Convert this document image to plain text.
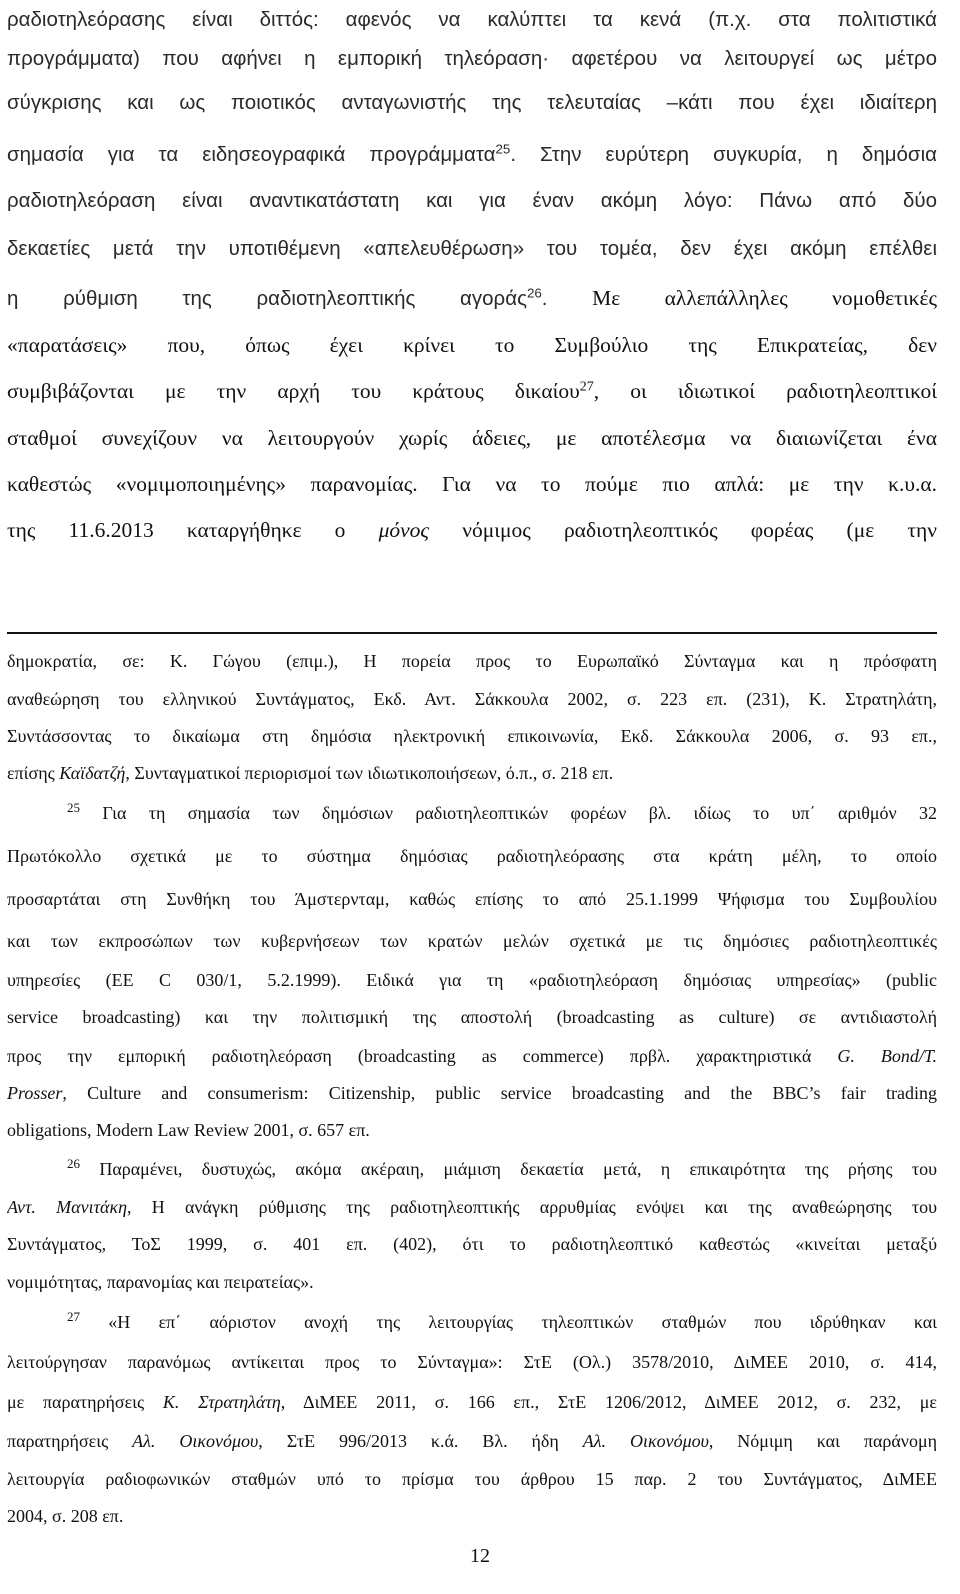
ραδιοτηλεόρασης είναι διττός: αφενός να καλύπτει τα κενά (π.χ. στα πολιτιστικά
προγράμματα) που αφήνει η εμπορική τηλεόραση· αφετέρου να λειτουργεί ως μέτρο
σύγκρισης και ως ποιοτικός ανταγωνιστής της τελευταίας –κάτι που έχει ιδιαίτερη
σημασία για τα ειδησεογραφικά προγράμματα$^{25}$. Στην ευρύτερη συγκυρία, η δημόσια
ραδιοτηλεόραση είναι αναντικατάστατη και για έναν ακόμη λόγο: Πάνω από δύο
δεκαετίες μετά την υποτιθέμενη «απελευθέρωση» του τομέα, δεν έχει ακόμη επέλθει
η ρύθμιση της ραδιοτηλεοπτικής αγοράς$^{26}$. Με αλλεπάλληλες νομοθετικές
«παρατάσεις» που, όπως έχει κρίνει το Συμβούλιο της Επικρατείας, δεν
συμβιβάζονται με την αρχή του κράτους δικαίου$^{27}$, οι ιδιωτικοί ραδιοτηλεοπτικοί
σταθμοί συνεχίζουν να λειτουργούν χωρίς άδειες, με αποτέλεσμα να διαιωνίζεται ένα
καθεστώς «νομιμοποιημένης» παρανομίας. Για να το πούμε πιο απλά: με την κ.υ.α.
της 11.6.2013 καταργήθηκε ο μόνος νόμιμος ραδιοτηλεοπτικός φορέας (με την
δημοκρατία, σε: Κ. Γώγου (επιμ.), Η πορεία προς το Ευρωπαϊκό Σύνταγμα και η πρόσφατη
αναθεώρηση του ελληνικού Συντάγματος, Εκδ. Αντ. Σάκκουλα 2002, σ. 223 επ. (231), Κ. Στρατηλάτη,
Συντάσσοντας το δικαίωμα στη δημόσια ηλεκτρονική επικοινωνία, Εκδ. Σάκκουλα 2006, σ. 93 επ.,
επίσης Καϊδατζή, Συνταγματικοί περιορισμοί των ιδιωτικοποιήσεων, ό.π., σ. 218 επ.
$^{25}$ Για τη σημασία των δημόσιων ραδιοτηλεοπτικών φορέων βλ. ιδίως το υπ΄ αριθμόν 32
Πρωτόκολλο σχετικά με το σύστημα δημόσιας ραδιοτηλεόρασης στα κράτη μέλη, το οποίο
προσαρτάται στη Συνθήκη του Άμστερνταμ, καθώς επίσης το από 25.1.1999 Ψήφισμα του Συμβουλίου
και των εκπροσώπων των κυβερνήσεων των κρατών μελών σχετικά με τις δημόσιες ραδιοτηλεοπτικές
υπηρεσίες (ΕΕ C 030/1, 5.2.1999). Ειδικά για τη «ραδιοτηλεόραση δημόσιας υπηρεσίας» (public
service broadcasting) και την πολιτισμική της αποστολή (broadcasting as culture) σε αντιδιαστολή
προς την εμπορική ραδιοτηλεόραση (broadcasting as commerce) πρβλ. χαρακτηριστικά G. Bond/T.
Prosser, Culture and consumerism: Citizenship, public service broadcasting and the BBC’s fair trading
obligations, Modern Law Review 2001, σ. 657 επ.
$^{26}$ Παραμένει, δυστυχώς, ακόμα ακέραιη, μιάμιση δεκαετία μετά, η επικαιρότητα της ρήσης του
Αντ. Μανιτάκη, Η ανάγκη ρύθμισης της ραδιοτηλεοπτικής αρρυθμίας ενόψει και της αναθεώρησης του
Συντάγματος, ΤοΣ 1999, σ. 401 επ. (402), ότι το ραδιοτηλεοπτικό καθεστώς «κινείται μεταξύ
νομιμότητας, παρανομίας και πειρατείας».
$^{27}$ «Η επ΄ αόριστον ανοχή της λειτουργίας τηλεοπτικών σταθμών που ιδρύθηκαν και
λειτούργησαν παρανόμως αντίκειται προς το Σύνταγμα»: ΣτΕ (Ολ.) 3578/2010, ΔιΜΕΕ 2010, σ. 414,
με παρατηρήσεις Κ. Στρατηλάτη, ΔιΜΕΕ 2011, σ. 166 επ., ΣτΕ 1206/2012, ΔιΜΕΕ 2012, σ. 232, με
παρατηρήσεις Αλ. Οικονόμου, ΣτΕ 996/2013 κ.ά. Βλ. ήδη Αλ. Οικονόμου, Νόμιμη και παράνομη
λειτουργία ραδιοφωνικών σταθμών υπό το πρίσμα του άρθρου 15 παρ. 2 του Συντάγματος, ΔιΜΕΕ
2004, σ. 208 επ.
12
